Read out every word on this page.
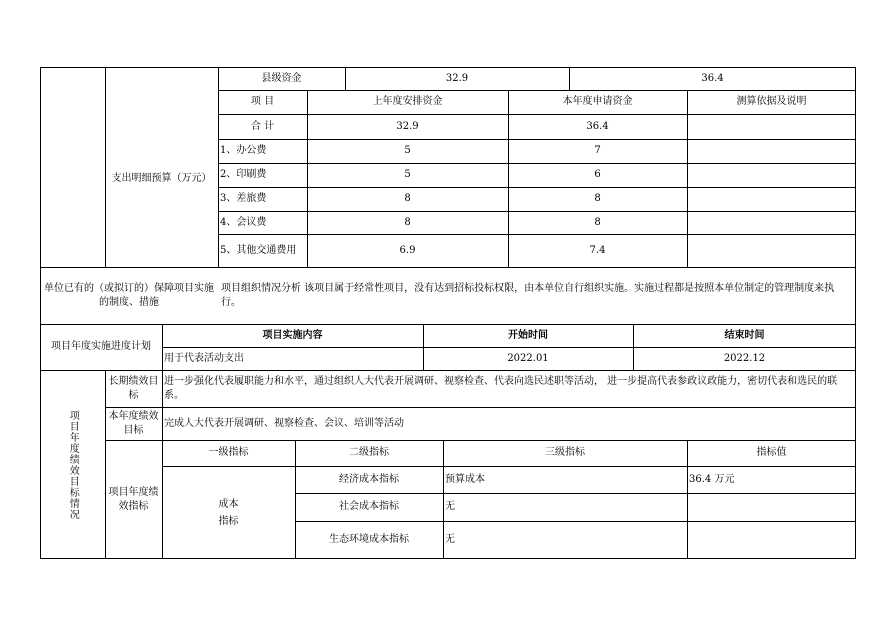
县级资金	32.9	36.4
支出明细预算（万元）
项 目	上年度安排资金	本年度申请资金	测算依据及说明
合 计	32.9	36.4
1、办公费	5	7
2、印刷费	5	6
3、差旅费	8	8
4、会议费	8	8
5、其他交通费用	6.9	7.4
单位已有的（或拟订的）保障项目实施的制度、措施
项目组织情况分析 该项目属于经常性项目，没有达到招标投标权限，由本单位自行组织实施。实施过程都是按照本单位制定的管理制度来执行。
项目年度实施进度计划
项目实施内容	开始时间	结束时间
用于代表活动支出	2022.01	2022.12
项目年度绩效目标情况
长期绩效目标
进一步强化代表履职能力和水平，通过组织人大代表开展调研、视察检查、代表向选民述职等活动， 进一步提高代表参政议政能力，密切代表和选民的联系。
本年度绩效目标
完成人大代表开展调研、视察检查、会议、培训等活动
项目年度绩效指标
一级指标	二级指标	三级指标	指标值
成本
指标
经济成本指标	预算成本	36.4 万元
社会成本指标	无
生态环境成本指标	无
